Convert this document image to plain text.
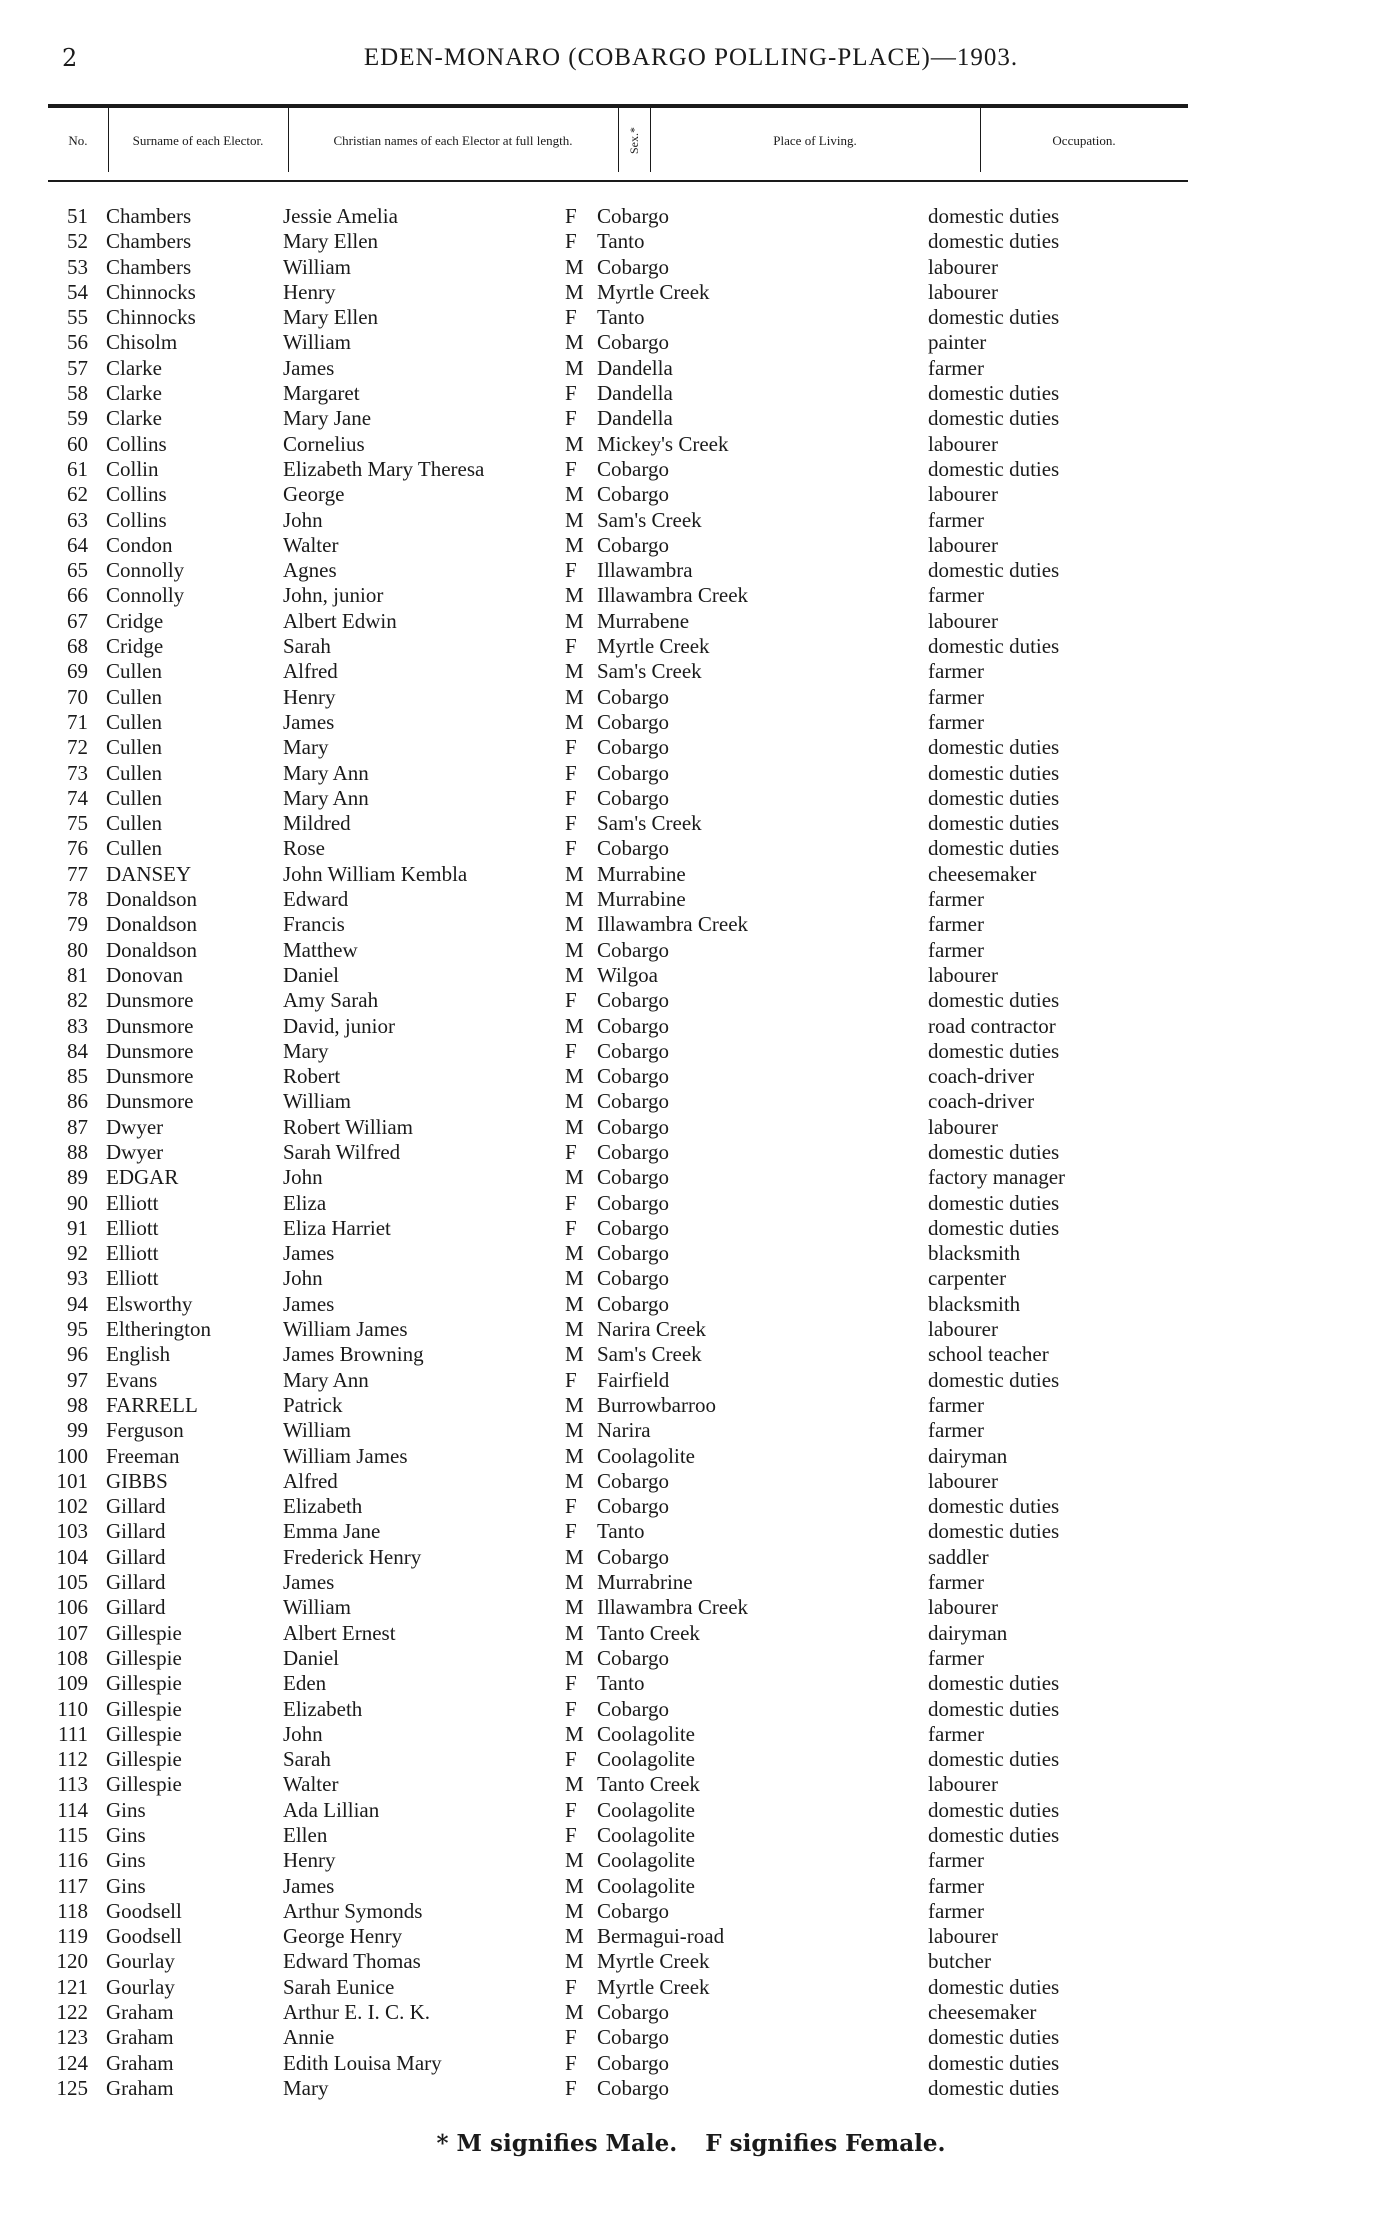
2	EDEN-MONARO (COBARGO POLLING-PLACE)—1903.
No.	Surname of each Elector.	Christian names of each Elector at full length.	Sex.*	Place of Living.	Occupation.
51 Chambers	Jessie Amelia	F Cobargo	domestic duties
52 Chambers	Mary Ellen	F Tanto	domestic duties
53 Chambers	William	M Cobargo	labourer
54 Chinnocks	Henry	M Myrtle Creek	labourer
55 Chinnocks	Mary Ellen	F Tanto	domestic duties
56 Chisolm	William	M Cobargo	painter
57 Clarke	James	M Dandella	farmer
58 Clarke	Margaret	F Dandella	domestic duties
59 Clarke	Mary Jane	F Dandella	domestic duties
60 Collins	Cornelius	M Mickey's Creek	labourer
61 Collin	Elizabeth Mary Theresa	F Cobargo	domestic duties
62 Collins	George	M Cobargo	labourer
63 Collins	John	M Sam's Creek	farmer
64 Condon	Walter	M Cobargo	labourer
65 Connolly	Agnes	F Illawambra	domestic duties
66 Connolly	John, junior	M Illawambra Creek	farmer
67 Cridge	Albert Edwin	M Murrabene	labourer
68 Cridge	Sarah	F Myrtle Creek	domestic duties
69 Cullen	Alfred	M Sam's Creek	farmer
70 Cullen	Henry	M Cobargo	farmer
71 Cullen	James	M Cobargo	farmer
72 Cullen	Mary	F Cobargo	domestic duties
73 Cullen	Mary Ann	F Cobargo	domestic duties
74 Cullen	Mary Ann	F Cobargo	domestic duties
75 Cullen	Mildred	F Sam's Creek	domestic duties
76 Cullen	Rose	F Cobargo	domestic duties
77 DANSEY	John William Kembla	M Murrabine	cheesemaker
78 Donaldson	Edward	M Murrabine	farmer
79 Donaldson	Francis	M Illawambra Creek	farmer
80 Donaldson	Matthew	M Cobargo	farmer
81 Donovan	Daniel	M Wilgoa	labourer
82 Dunsmore	Amy Sarah	F Cobargo	domestic duties
83 Dunsmore	David, junior	M Cobargo	road contractor
84 Dunsmore	Mary	F Cobargo	domestic duties
85 Dunsmore	Robert	M Cobargo	coach-driver
86 Dunsmore	William	M Cobargo	coach-driver
87 Dwyer	Robert William	M Cobargo	labourer
88 Dwyer	Sarah Wilfred	F Cobargo	domestic duties
89 EDGAR	John	M Cobargo	factory manager
90 Elliott	Eliza	F Cobargo	domestic duties
91 Elliott	Eliza Harriet	F Cobargo	domestic duties
92 Elliott	James	M Cobargo	blacksmith
93 Elliott	John	M Cobargo	carpenter
94 Elsworthy	James	M Cobargo	blacksmith
95 Eltherington	William James	M Narira Creek	labourer
96 English	James Browning	M Sam's Creek	school teacher
97 Evans	Mary Ann	F Fairfield	domestic duties
98 FARRELL	Patrick	M Burrowbarroo	farmer
99 Ferguson	William	M Narira	farmer
100 Freeman	William James	M Coolagolite	dairyman
101 GIBBS	Alfred	M Cobargo	labourer
102 Gillard	Elizabeth	F Cobargo	domestic duties
103 Gillard	Emma Jane	F Tanto	domestic duties
104 Gillard	Frederick Henry	M Cobargo	saddler
105 Gillard	James	M Murrabrine	farmer
106 Gillard	William	M Illawambra Creek	labourer
107 Gillespie	Albert Ernest	M Tanto Creek	dairyman
108 Gillespie	Daniel	M Cobargo	farmer
109 Gillespie	Eden	F Tanto	domestic duties
110 Gillespie	Elizabeth	F Cobargo	domestic duties
111 Gillespie	John	M Coolagolite	farmer
112 Gillespie	Sarah	F Coolagolite	domestic duties
113 Gillespie	Walter	M Tanto Creek	labourer
114 Gins	Ada Lillian	F Coolagolite	domestic duties
115 Gins	Ellen	F Coolagolite	domestic duties
116 Gins	Henry	M Coolagolite	farmer
117 Gins	James	M Coolagolite	farmer
118 Goodsell	Arthur Symonds	M Cobargo	farmer
119 Goodsell	George Henry	M Bermagui-road	labourer
120 Gourlay	Edward Thomas	M Myrtle Creek	butcher
121 Gourlay	Sarah Eunice	F Myrtle Creek	domestic duties
122 Graham	Arthur E. I. C. K.	M Cobargo	cheesemaker
123 Graham	Annie	F Cobargo	domestic duties
124 Graham	Edith Louisa Mary	F Cobargo	domestic duties
125 Graham	Mary	F Cobargo	domestic duties
* M signifies Male. F signifies Female.
